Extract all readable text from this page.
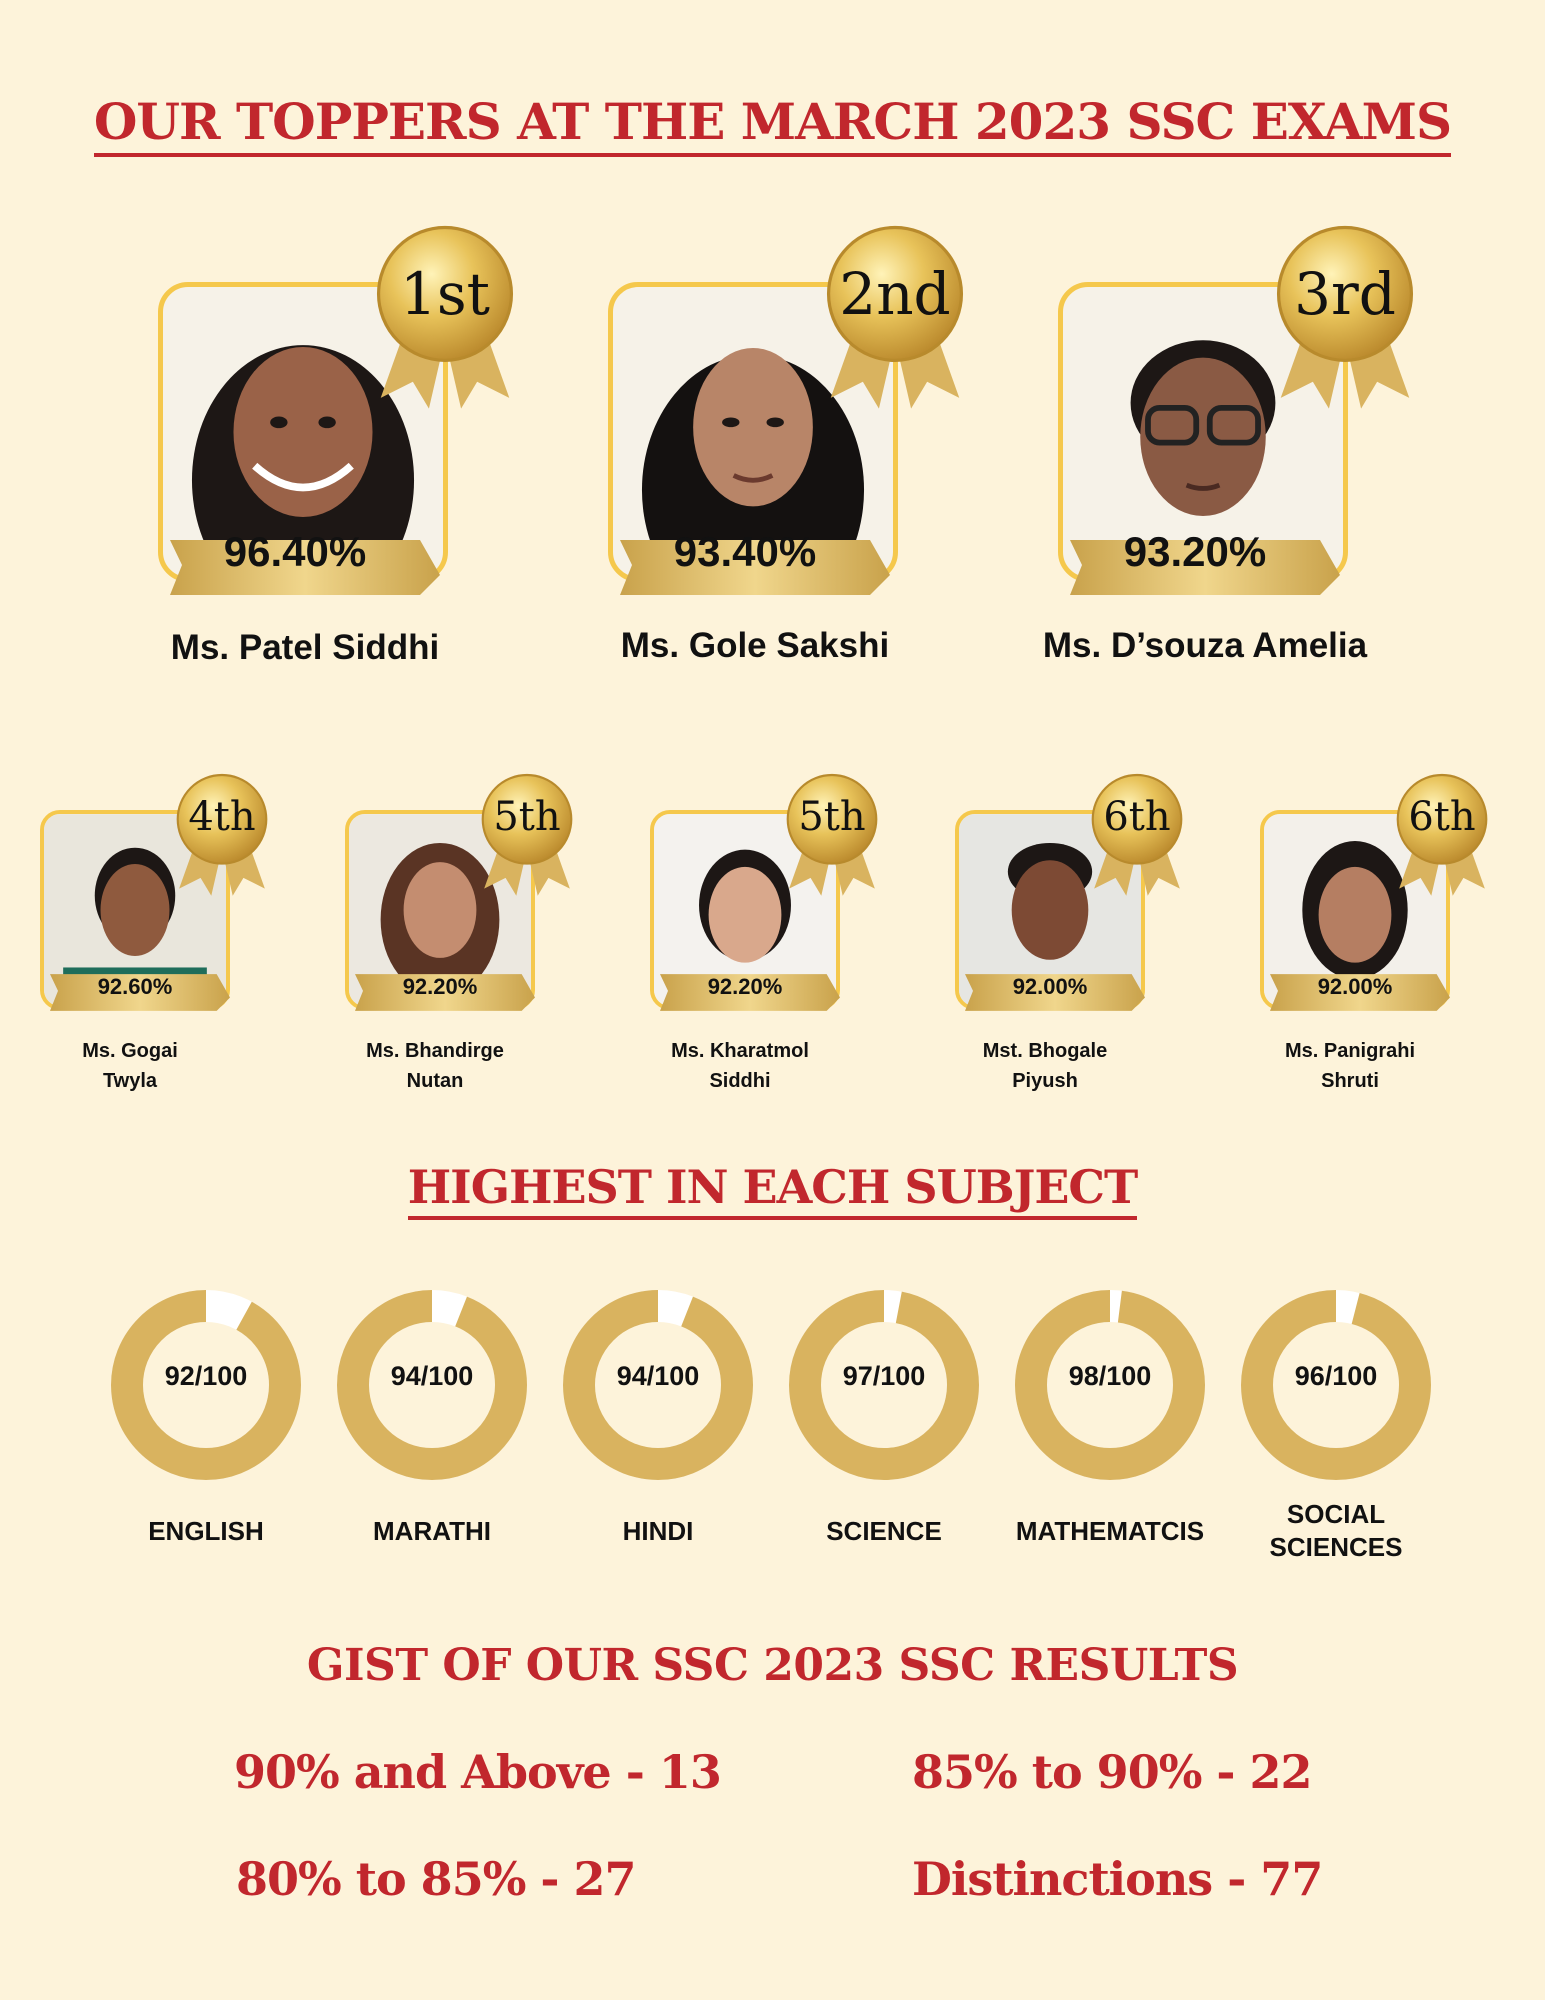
OUR TOPPERS AT THE MARCH 2023 SSC EXAMS
1st
96.40%
Ms. Patel Siddhi
2nd
93.40%
Ms. Gole Sakshi
3rd
93.20%
Ms. D’souza Amelia
4th
92.60%
Ms. Gogai
Twyla
5th
92.20%
Ms. Bhandirge
Nutan
5th
92.20%
Ms. Kharatmol
Siddhi
6th
92.00%
Mst. Bhogale
Piyush
6th
92.00%
Ms. Panigrahi
Shruti
HIGHEST IN EACH SUBJECT
92/100
ENGLISH
94/100
MARATHI
94/100
HINDI
97/100
SCIENCE
98/100
MATHEMATCIS
96/100
SOCIAL
SCIENCES
GIST OF OUR SSC 2023 SSC RESULTS
90% and Above - 13	85% to 90% - 22
80% to 85% - 27	Distinctions - 77
